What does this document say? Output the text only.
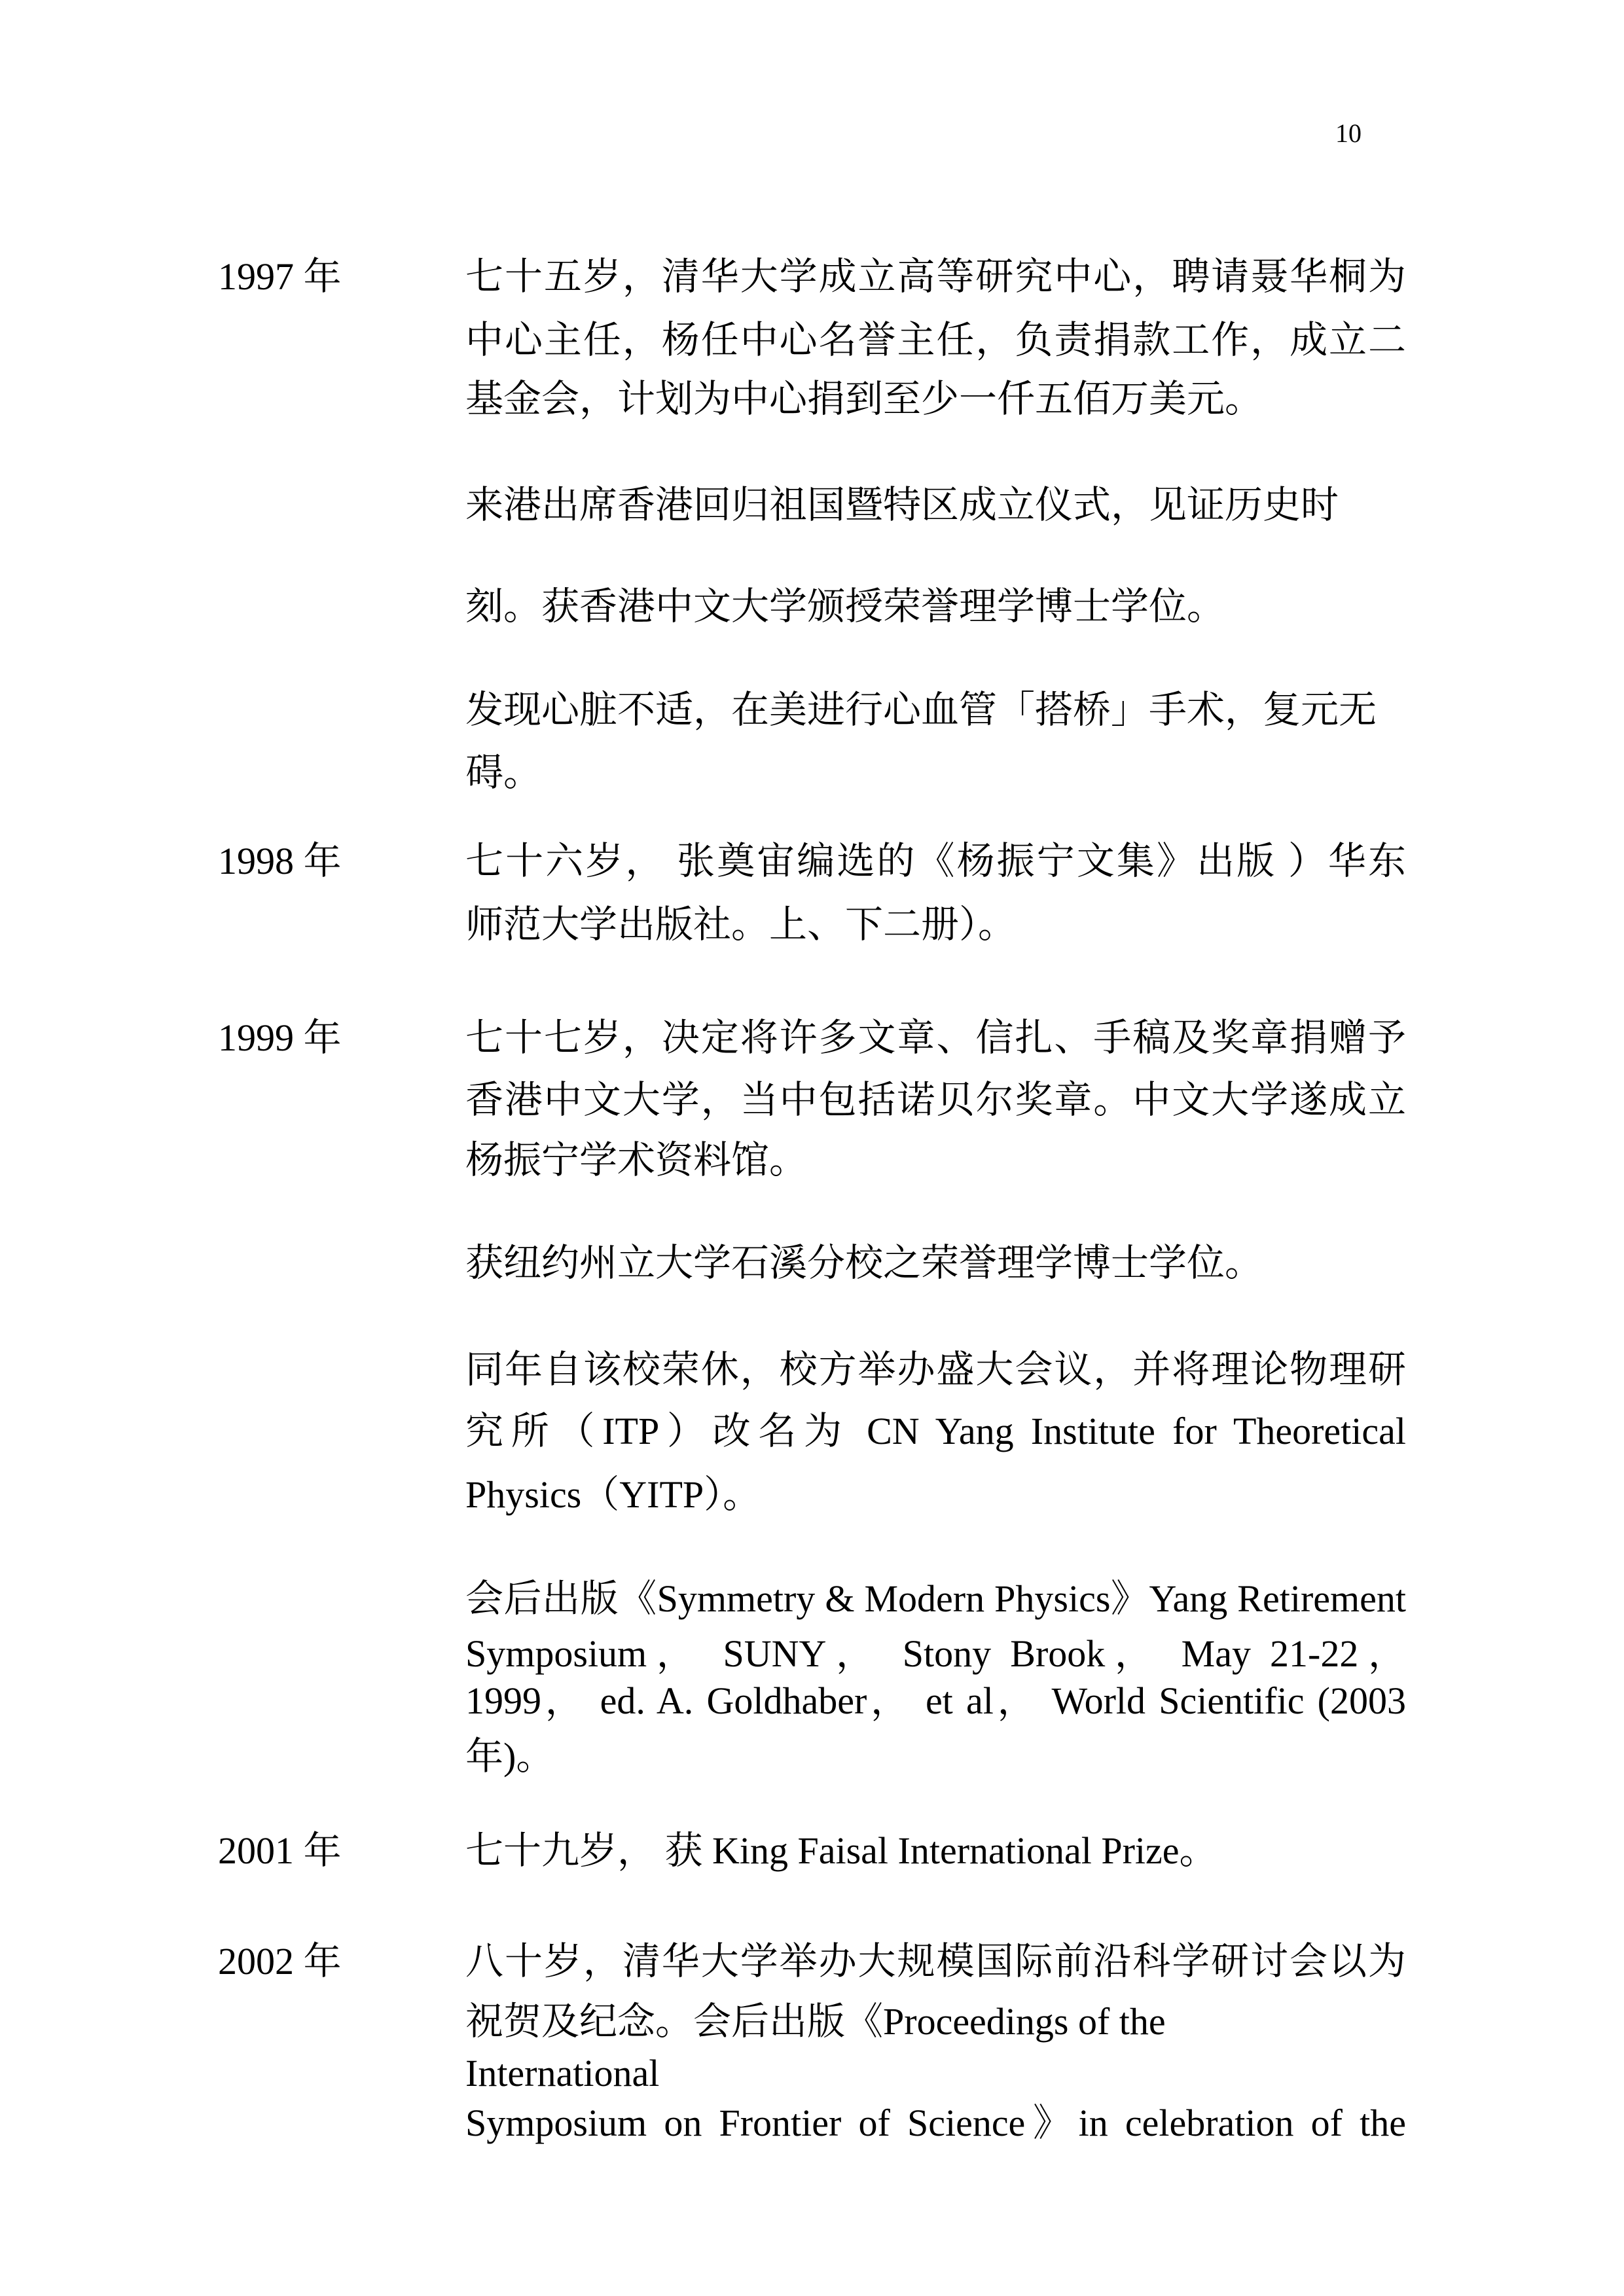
10
1997 年	七十五岁，清华大学成立高等研究中心，聘请聂华桐为
中心主任，杨任中心名誉主任，负责捐款工作，成立二
基金会，计划为中心捐到至少一仟五佰万美元。
来港出席香港回归祖国暨特区成立仪式，见证历史时
刻。获香港中文大学颁授荣誉理学博士学位。
发现心脏不适，在美进行心血管「搭桥」手术，复元无
碍。
1998 年	七十六岁， 张奠宙编选的《杨振宁文集》出版 ）华东
师范大学出版社。上、下二册）。
1999 年	七十七岁，决定将许多文章、信扎、手稿及奖章捐赠予
香港中文大学，当中包括诺贝尔奖章。中文大学遂成立
杨振宁学术资料馆。
获纽约州立大学石溪分校之荣誉理学博士学位。
同年自该校荣休，校方举办盛大会议，并将理论物理研
究所（ITP）改名为 CN Yang Institute for Theoretical
Physics（YITP）。
会后出版《Symmetry & Modern Physics》Yang Retirement
Symposium， SUNY， Stony Brook， May 21-22，
1999， ed. A. Goldhaber， et al， World Scientific (2003
年)。
2001 年	七十九岁， 获 King Faisal International Prize。
2002 年	八十岁，清华大学举办大规模国际前沿科学研讨会以为
祝贺及纪念。会后出版《Proceedings of the
International
Symposium on Frontier of Science》in celebration of the
